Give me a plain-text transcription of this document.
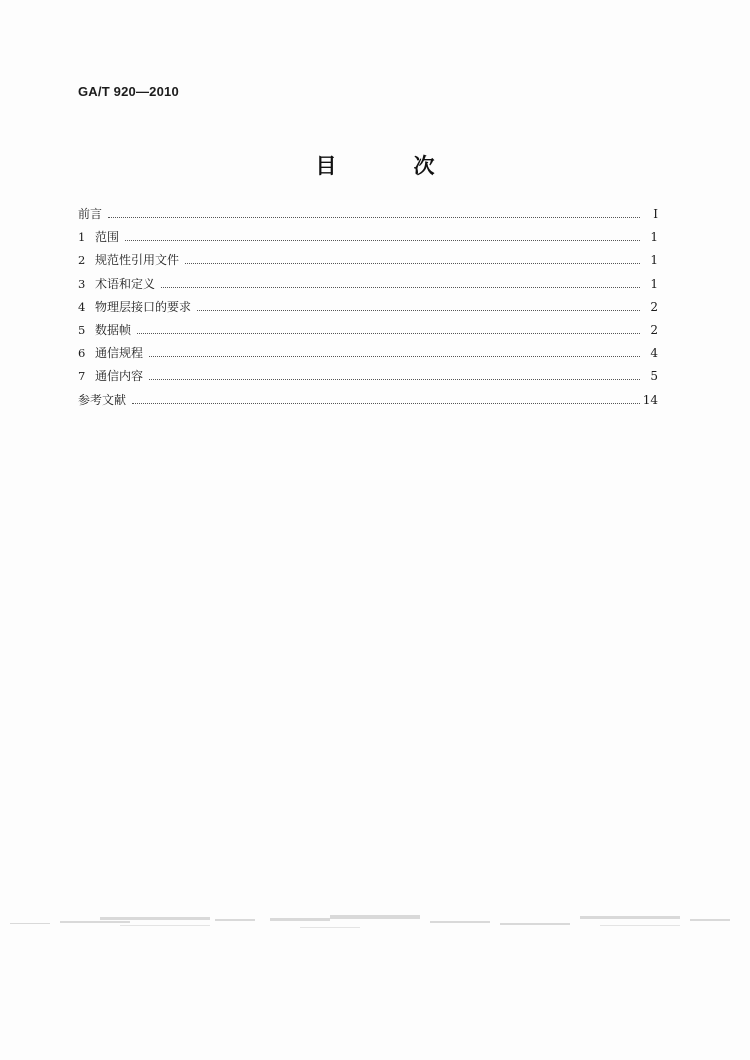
GA/T 920—2010
目　次
前言	Ⅰ
1 范围	1
2 规范性引用文件	1
3 术语和定义	1
4 物理层接口的要求	2
5 数据帧	2
6 通信规程	4
7 通信内容	5
参考文献	14
